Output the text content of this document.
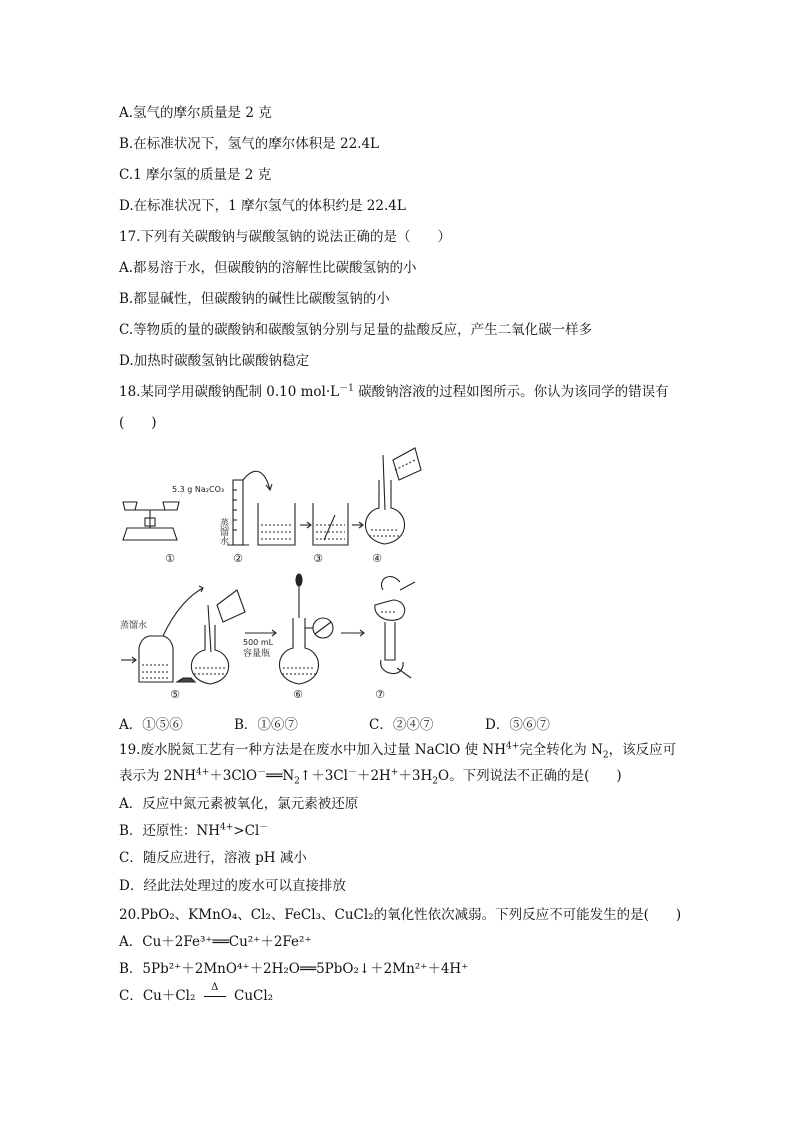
A.氢气的摩尔质量是 2 克
B.在标准状况下，氢气的摩尔体积是 22.4L
C.1 摩尔氢的质量是 2 克
D.在标准状况下，1 摩尔氢气的体积约是 22.4L
17.下列有关碳酸钠与碳酸氢钠的说法正确的是（　　）
A.都易溶于水，但碳酸钠的溶解性比碳酸氢钠的小
B.都显碱性，但碳酸钠的碱性比碳酸氢钠的小
C.等物质的量的碳酸钠和碳酸氢钠分别与足量的盐酸反应，产生二氧化碳一样多
D.加热时碳酸氢钠比碳酸钠稳定
18.某同学用碳酸钠配制 0.10 $mol\cdot L^{-1}$ 碳酸钠溶液的过程如图所示。你认为该同学的错误有
(　　)
5.3 g Na₂CO₃
蒸馏水
蒸馏水
500 mL
容量瓶
①	②	③	④
⑤	⑥	⑦
A．①⑤⑥	B．①⑥⑦	C．②④⑦	D．⑤⑥⑦
19.废水脱氮工艺有一种方法是在废水中加入过量 NaClO 使 $NH^{4+}$完全转化为 $N_2$，该反应可
表示为 $2NH^{4+}+3ClO^-══N_2↑+3Cl^-+2H^++3H_2O$。下列说法不正确的是(　　)
A．反应中氮元素被氧化，氯元素被还原
B．还原性：$NH^{4+}>Cl^-$
C．随反应进行，溶液 pH 减小
D．经此法处理过的废水可以直接排放
20.PbO₂、KMnO₄、Cl₂、FeCl₃、CuCl₂的氧化性依次减弱。下列反应不可能发生的是(　　)
A．Cu＋2Fe³⁺══Cu²⁺＋2Fe²⁺
B．5Pb²⁺＋2MnO⁴⁺＋2H₂O══5PbO₂↓＋2Mn²⁺＋4H⁺
C．Cu＋Cl₂
Δ
CuCl₂
